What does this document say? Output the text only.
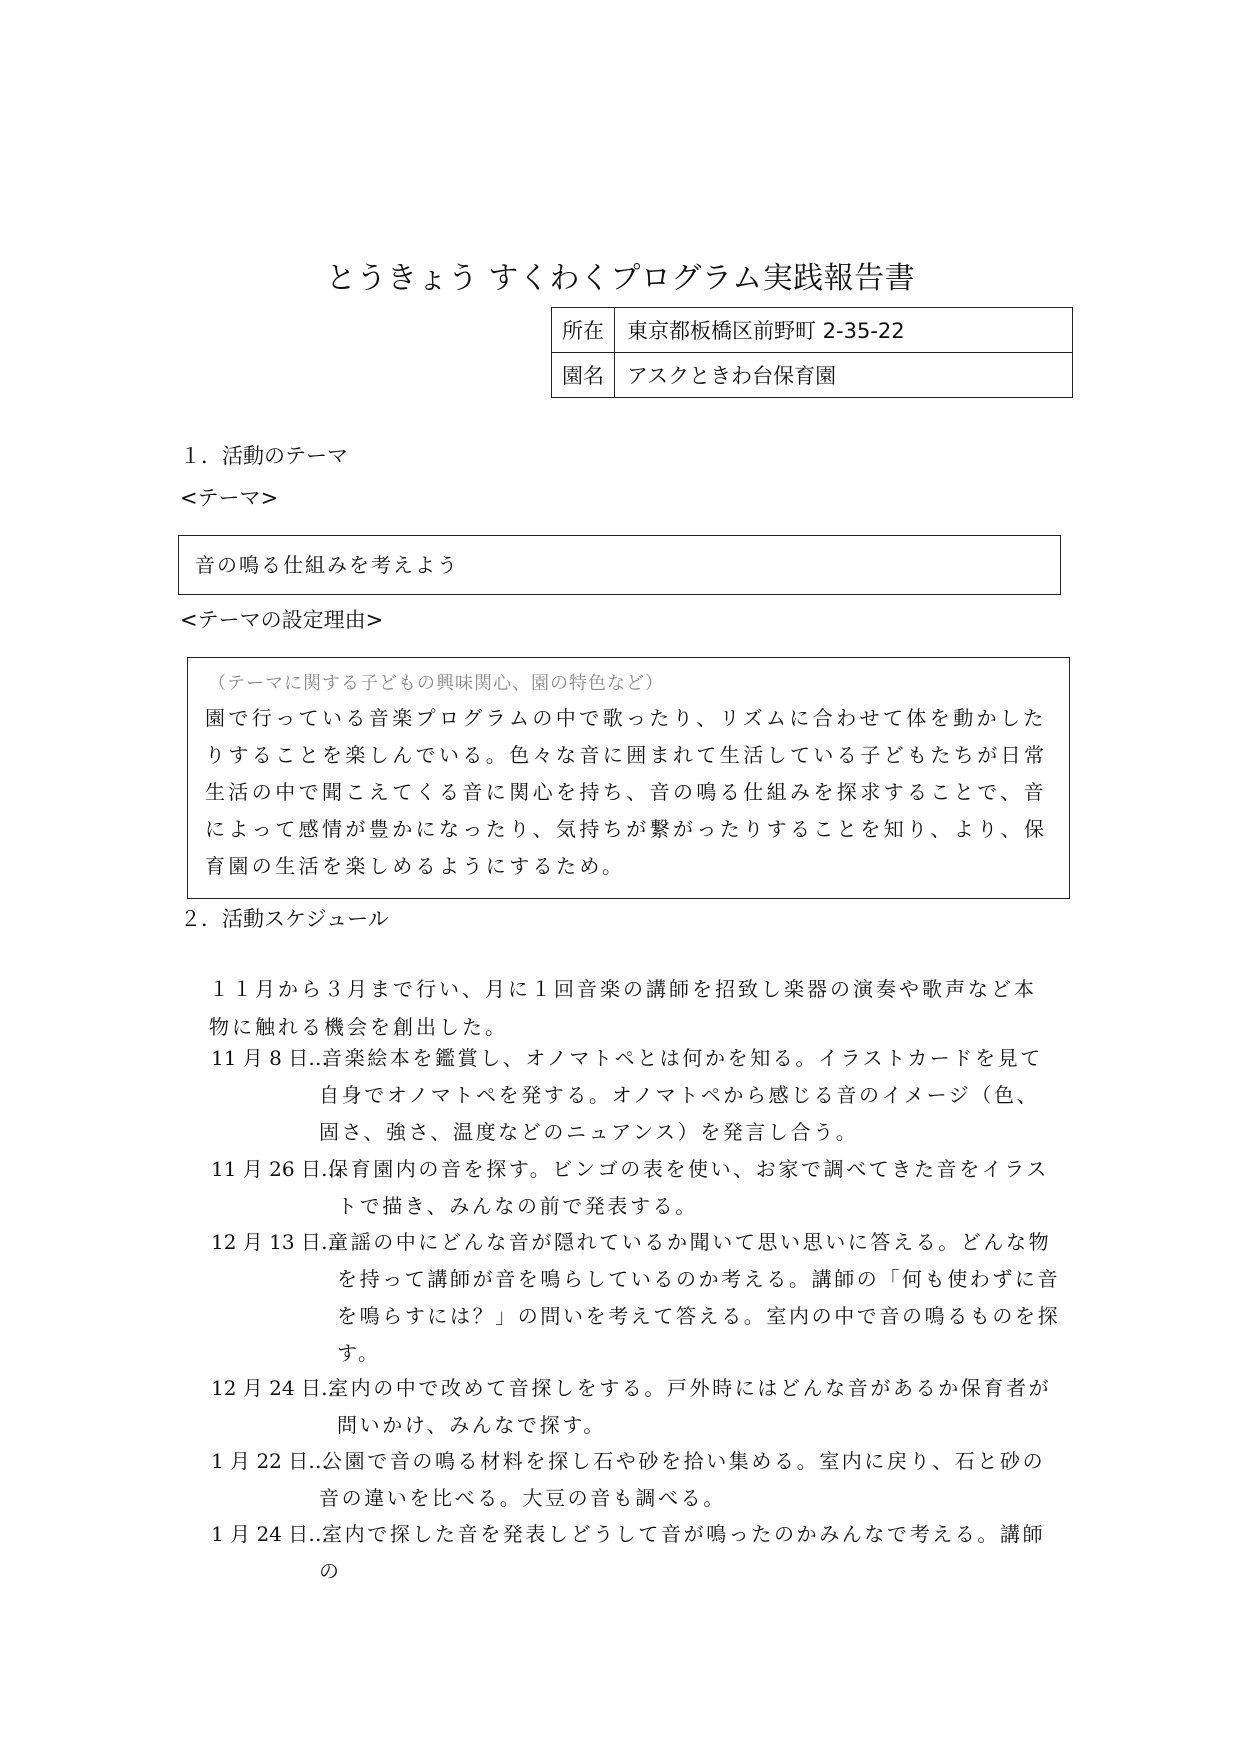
とうきょう すくわくプログラム実践報告書
所在	東京都板橋区前野町 2-35-22
園名	アスクときわ台保育園
１．活動のテーマ
<テーマ>
音の鳴る仕組みを考えよう
<テーマの設定理由>
（テーマに関する子どもの興味関心、園の特色など）
園で行っている音楽プログラムの中で歌ったり、リズムに合わせて体を動かしたりすることを楽しんでいる。色々な音に囲まれて生活している子どもたちが日常生活の中で聞こえてくる音に関心を持ち、音の鳴る仕組みを探求することで、音によって感情が豊かになったり、気持ちが繋がったりすることを知り、より、保育園の生活を楽しめるようにするため。
２．活動スケジュール
１１月から３月まで行い、月に１回音楽の講師を招致し楽器の演奏や歌声など本物に触れる機会を創出した。
11 月 8 日…
音楽絵本を鑑賞し、オノマトペとは何かを知る。イラストカードを見て自身でオノマトペを発する。オノマトペから感じる音のイメージ（色、固さ、強さ、温度などのニュアンス）を発言し合う。
11 月 26 日…
保育園内の音を探す。ビンゴの表を使い、お家で調べてきた音をイラストで描き、みんなの前で発表する。
12 月 13 日…
童謡の中にどんな音が隠れているか聞いて思い思いに答える。どんな物を持って講師が音を鳴らしているのか考える。講師の「何も使わずに音を鳴らすには？」の問いを考えて答える。室内の中で音の鳴るものを探す。
12 月 24 日…
室内の中で改めて音探しをする。戸外時にはどんな音があるか保育者が問いかけ、みんなで探す。
1 月 22 日…
公園で音の鳴る材料を探し石や砂を拾い集める。室内に戻り、石と砂の音の違いを比べる。大豆の音も調べる。
1 月 24 日…
室内で探した音を発表しどうして音が鳴ったのかみんなで考える。講師の
